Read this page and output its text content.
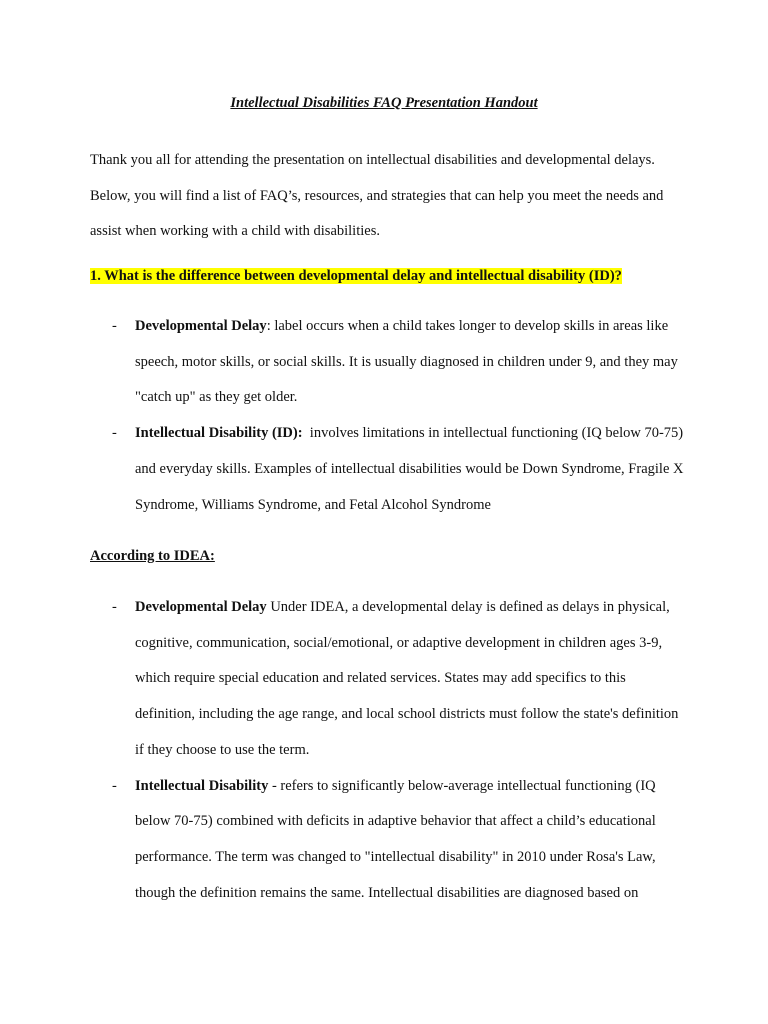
Intellectual Disabilities FAQ Presentation Handout

Thank you all for attending the presentation on intellectual disabilities and developmental delays. Below, you will find a list of FAQ’s, resources, and strategies that can help you meet the needs and assist when working with a child with disabilities.

1. What is the difference between developmental delay and intellectual disability (ID)?
- Developmental Delay: label occurs when a child takes longer to develop skills in areas like speech, motor skills, or social skills. It is usually diagnosed in children under 9, and they may "catch up" as they get older.
- Intellectual Disability (ID):  involves limitations in intellectual functioning (IQ below 70-75) and everyday skills. Examples of intellectual disabilities would be Down Syndrome, Fragile X Syndrome, Williams Syndrome, and Fetal Alcohol Syndrome
According to IDEA:
- Developmental Delay Under IDEA, a developmental delay is defined as delays in physical, cognitive, communication, social/emotional, or adaptive development in children ages 3-9, which require special education and related services. States may add specifics to this definition, including the age range, and local school districts must follow the state's definition if they choose to use the term.
- Intellectual Disability - refers to significantly below-average intellectual functioning (IQ below 70-75) combined with deficits in adaptive behavior that affect a child’s educational performance. The term was changed to "intellectual disability" in 2010 under Rosa's Law, though the definition remains the same. Intellectual disabilities are diagnosed based on
